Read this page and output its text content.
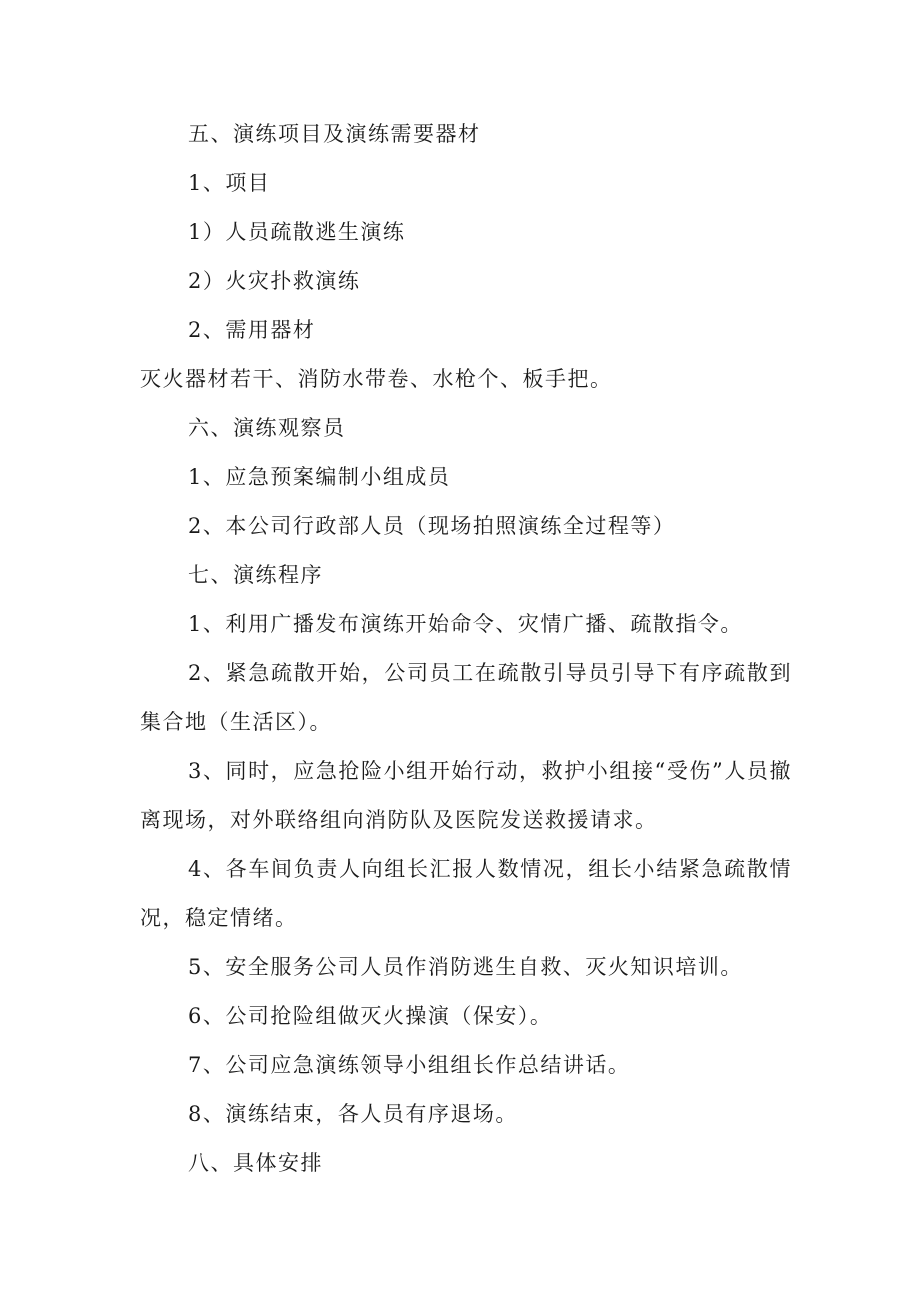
五、演练项目及演练需要器材

1、项目

1）人员疏散逃生演练

2）火灾扑救演练

2、需用器材

灭火器材若干、消防水带卷、水枪个、板手把。

六、演练观察员

1、应急预案编制小组成员

2、本公司行政部人员（现场拍照演练全过程等）

七、演练程序

1、利用广播发布演练开始命令、灾情广播、疏散指令。

2、紧急疏散开始，公司员工在疏散引导员引导下有序疏散到集合地（生活区）。

3、同时，应急抢险小组开始行动，救护小组接“受伤”人员撤离现场，对外联络组向消防队及医院发送救援请求。

4、各车间负责人向组长汇报人数情况，组长小结紧急疏散情况，稳定情绪。

5、安全服务公司人员作消防逃生自救、灭火知识培训。

6、公司抢险组做灭火操演（保安）。

7、公司应急演练领导小组组长作总结讲话。

8、演练结束，各人员有序退场。

八、具体安排
